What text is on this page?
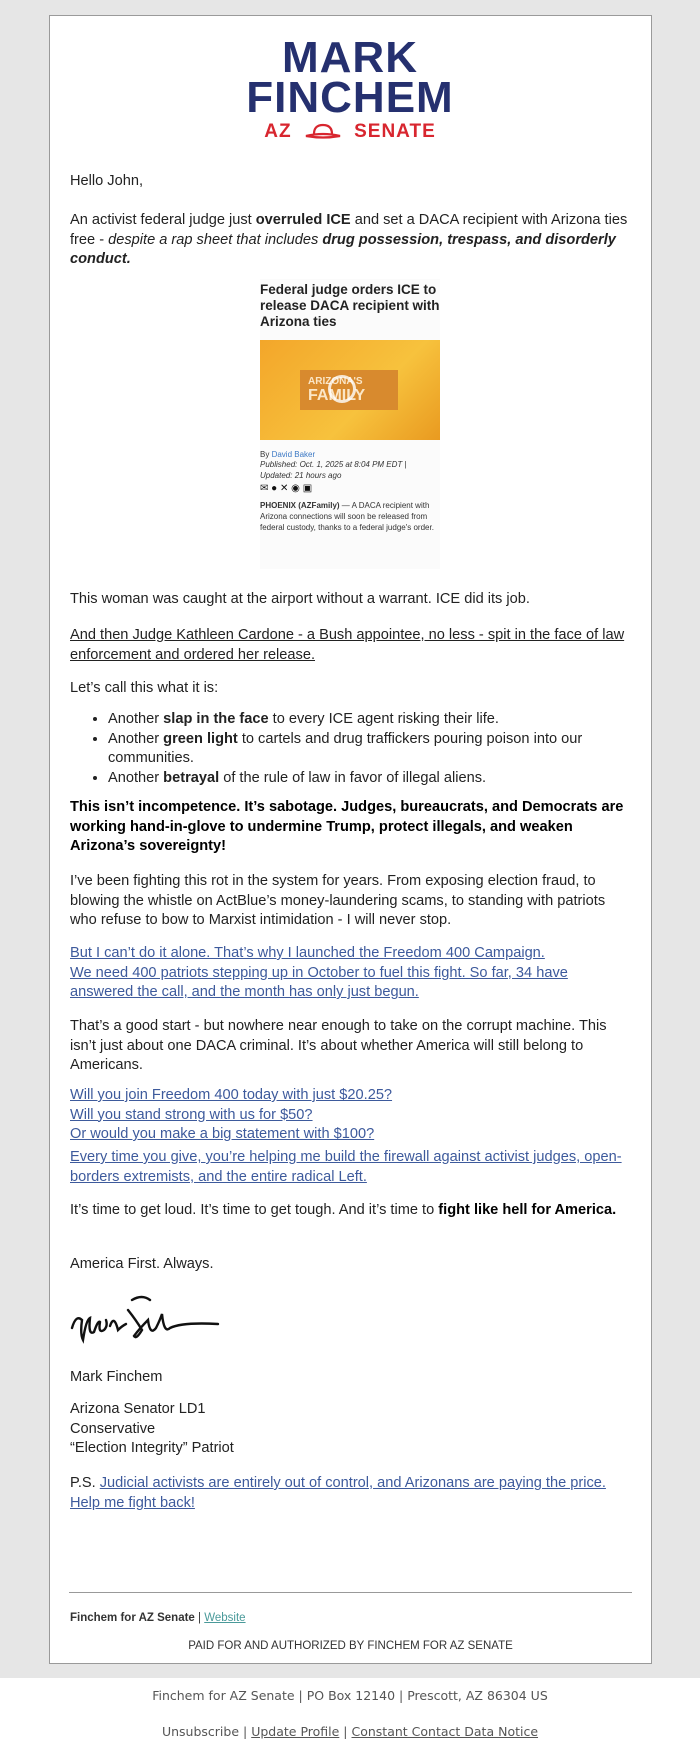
MARK
FINCHEM
AZ	SENATE
Hello John,
An activist federal judge just overruled ICE and set a DACA recipient with Arizona ties free - despite a rap sheet that includes drug possession, trespass, and disorderly conduct.
Federal judge orders ICE to release DACA recipient with Arizona ties
ARIZONA'S
FAMILY
By David Baker
Published: Oct. 1, 2025 at 8:04 PM EDT |
Updated: 21 hours ago
✉ ● ✕ ◉ ▣
PHOENIX (AZFamily) — A DACA recipient with Arizona connections will soon be released from federal custody, thanks to a federal judge's order.
This woman was caught at the airport without a warrant. ICE did its job.
And then Judge Kathleen Cardone - a Bush appointee, no less - spit in the face of law enforcement and ordered her release.
Let’s call this what it is:
• Another slap in the face to every ICE agent risking their life.
• Another green light to cartels and drug traffickers pouring poison into our communities.
• Another betrayal of the rule of law in favor of illegal aliens.
This isn’t incompetence. It’s sabotage. Judges, bureaucrats, and Democrats are working hand-in-glove to undermine Trump, protect illegals, and weaken Arizona’s sovereignty!
I’ve been fighting this rot in the system for years. From exposing election fraud, to blowing the whistle on ActBlue’s money-laundering scams, to standing with patriots who refuse to bow to Marxist intimidation - I will never stop.
But I can’t do it alone. That’s why I launched the Freedom 400 Campaign.
We need 400 patriots stepping up in October to fuel this fight. So far, 34 have answered the call, and the month has only just begun.
That’s a good start - but nowhere near enough to take on the corrupt machine. This isn’t just about one DACA criminal. It’s about whether America will still belong to Americans.
Will you join Freedom 400 today with just $20.25?
Will you stand strong with us for $50?
Or would you make a big statement with $100?
Every time you give, you’re helping me build the firewall against activist judges, open-borders extremists, and the entire radical Left.
It’s time to get loud. It’s time to get tough. And it’s time to fight like hell for America.
America First. Always.
Mark Finchem
Arizona Senator LD1
Conservative
“Election Integrity” Patriot
P.S. Judicial activists are entirely out of control, and Arizonans are paying the price. Help me fight back!
Finchem for AZ Senate | Website
PAID FOR AND AUTHORIZED BY FINCHEM FOR AZ SENATE
Finchem for AZ Senate | PO Box 12140 | Prescott, AZ 86304 US
Unsubscribe | Update Profile | Constant Contact Data Notice
